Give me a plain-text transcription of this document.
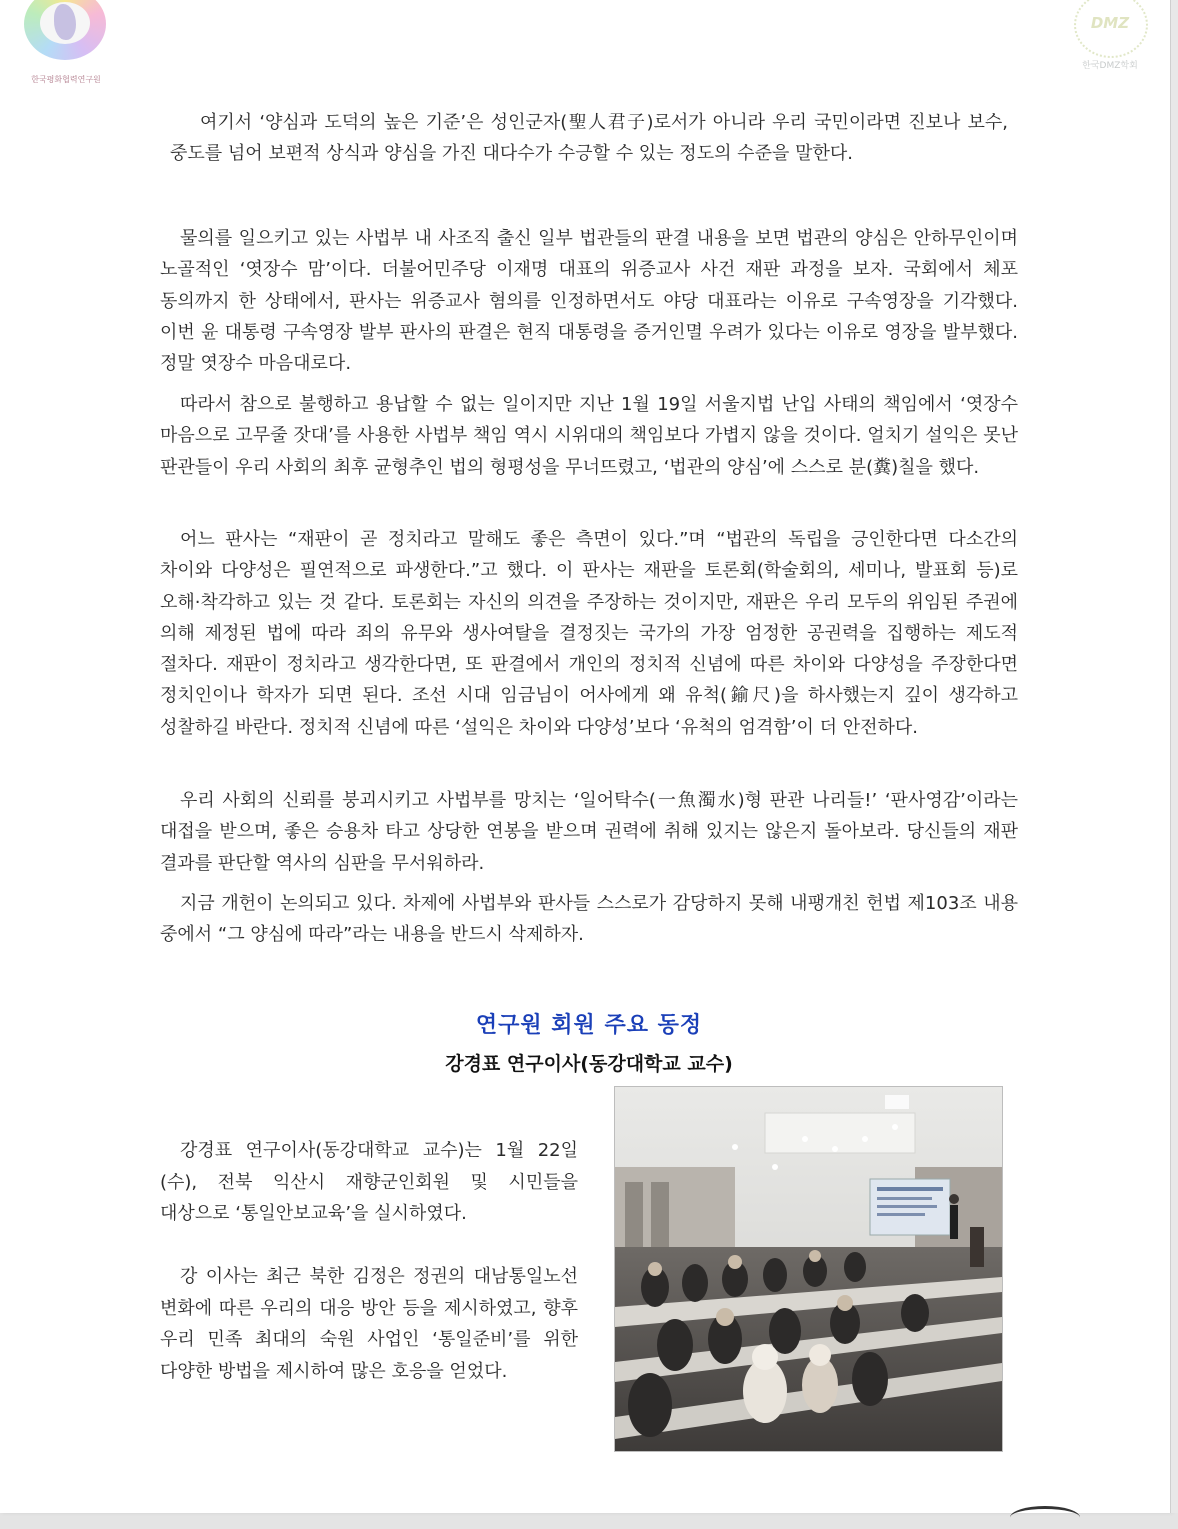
한국평화협력연구원
DMZ
한국DMZ학회
여기서 ‘양심과 도덕의 높은 기준’은 성인군자(聖人君子)로서가 아니라 우리 국민이라면 진보나 보수, 중도를 넘어 보편적 상식과 양심을 가진 대다수가 수긍할 수 있는 정도의 수준을 말한다.
물의를 일으키고 있는 사법부 내 사조직 출신 일부 법관들의 판결 내용을 보면 법관의 양심은 안하무인이며 노골적인 ‘엿장수 맘’이다. 더불어민주당 이재명 대표의 위증교사 사건 재판 과정을 보자. 국회에서 체포 동의까지 한 상태에서, 판사는 위증교사 혐의를 인정하면서도 야당 대표라는 이유로 구속영장을 기각했다. 이번 윤 대통령 구속영장 발부 판사의 판결은 현직 대통령을 증거인멸 우려가 있다는 이유로 영장을 발부했다. 정말 엿장수 마음대로다.
따라서 참으로 불행하고 용납할 수 없는 일이지만 지난 1월 19일 서울지법 난입 사태의 책임에서 ‘엿장수 마음으로 고무줄 잣대’를 사용한 사법부 책임 역시 시위대의 책임보다 가볍지 않을 것이다. 얼치기 설익은 못난 판관들이 우리 사회의 최후 균형추인 법의 형평성을 무너뜨렸고, ‘법관의 양심’에 스스로 분(糞)칠을 했다.
어느 판사는 “재판이 곧 정치라고 말해도 좋은 측면이 있다.”며 “법관의 독립을 긍인한다면 다소간의 차이와 다양성은 필연적으로 파생한다.”고 했다. 이 판사는 재판을 토론회(학술회의, 세미나, 발표회 등)로 오해·착각하고 있는 것 같다. 토론회는 자신의 의견을 주장하는 것이지만, 재판은 우리 모두의 위임된 주권에 의해 제정된 법에 따라 죄의 유무와 생사여탈을 결정짓는 국가의 가장 엄정한 공권력을 집행하는 제도적 절차다. 재판이 정치라고 생각한다면, 또 판결에서 개인의 정치적 신념에 따른 차이와 다양성을 주장한다면 정치인이나 학자가 되면 된다. 조선 시대 임금님이 어사에게 왜 유척(鍮尺)을 하사했는지 깊이 생각하고 성찰하길 바란다. 정치적 신념에 따른 ‘설익은 차이와 다양성’보다 ‘유척의 엄격함’이 더 안전하다.
우리 사회의 신뢰를 붕괴시키고 사법부를 망치는 ‘일어탁수(一魚濁水)형 판관 나리들!’ ‘판사영감’이라는 대접을 받으며, 좋은 승용차 타고 상당한 연봉을 받으며 권력에 취해 있지는 않은지 돌아보라. 당신들의 재판 결과를 판단할 역사의 심판을 무서워하라.
지금 개헌이 논의되고 있다. 차제에 사법부와 판사들 스스로가 감당하지 못해 내팽개친 헌법 제103조 내용 중에서 “그 양심에 따라”라는 내용을 반드시 삭제하자.
연구원 회원 주요 동정
강경표 연구이사(동강대학교 교수)
강경표 연구이사(동강대학교 교수)는 1월 22일(수), 전북 익산시 재향군인회원 및 시민들을 대상으로 ‘통일안보교육’을 실시하였다.
강 이사는 최근 북한 김정은 정권의 대남통일노선 변화에 따른 우리의 대응 방안 등을 제시하였고, 향후 우리 민족 최대의 숙원 사업인 ‘통일준비’를 위한 다양한 방법을 제시하여 많은 호응을 얻었다.
